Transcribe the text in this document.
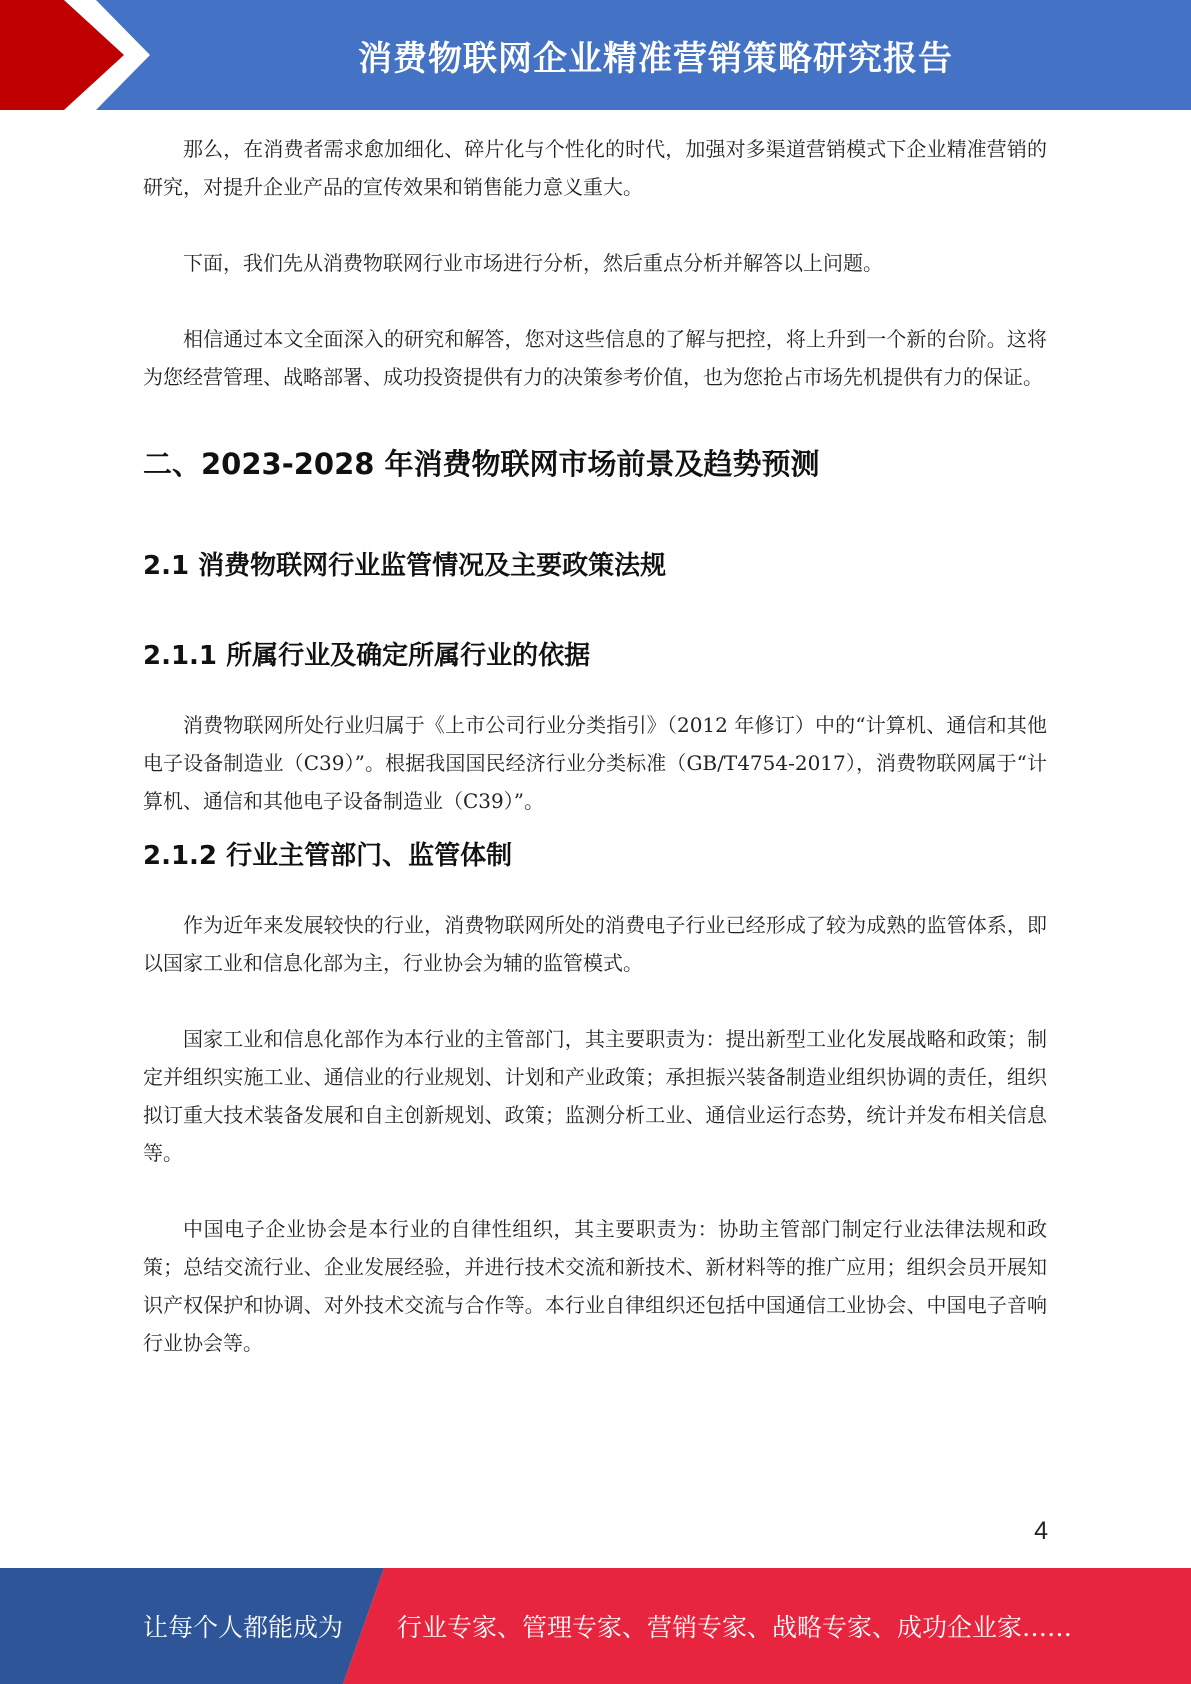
消费物联网企业精准营销策略研究报告

那么，在消费者需求愈加细化、碎片化与个性化的时代，加强对多渠道营销模式下企业精准营销的研究，对提升企业产品的宣传效果和销售能力意义重大。

下面，我们先从消费物联网行业市场进行分析，然后重点分析并解答以上问题。

相信通过本文全面深入的研究和解答，您对这些信息的了解与把控，将上升到一个新的台阶。这将为您经营管理、战略部署、成功投资提供有力的决策参考价值，也为您抢占市场先机提供有力的保证。

二、2023-2028 年消费物联网市场前景及趋势预测
2.1 消费物联网行业监管情况及主要政策法规
2.1.1 所属行业及确定所属行业的依据

消费物联网所处行业归属于《上市公司行业分类指引》（2012 年修订）中的“计算机、通信和其他电子设备制造业（C39）”。根据我国国民经济行业分类标准（GB/T4754-2017），消费物联网属于“计算机、通信和其他电子设备制造业（C39）”。

2.1.2 行业主管部门、监管体制

作为近年来发展较快的行业，消费物联网所处的消费电子行业已经形成了较为成熟的监管体系，即以国家工业和信息化部为主，行业协会为辅的监管模式。

国家工业和信息化部作为本行业的主管部门，其主要职责为：提出新型工业化发展战略和政策；制定并组织实施工业、通信业的行业规划、计划和产业政策；承担振兴装备制造业组织协调的责任，组织拟订重大技术装备发展和自主创新规划、政策；监测分析工业、通信业运行态势，统计并发布相关信息等。

中国电子企业协会是本行业的自律性组织，其主要职责为：协助主管部门制定行业法律法规和政策；总结交流行业、企业发展经验，并进行技术交流和新技术、新材料等的推广应用；组织会员开展知识产权保护和协调、对外技术交流与合作等。本行业自律组织还包括中国通信工业协会、中国电子音响行业协会等。

4
让每个人都能成为 行业专家、管理专家、营销专家、战略专家、成功企业家……
